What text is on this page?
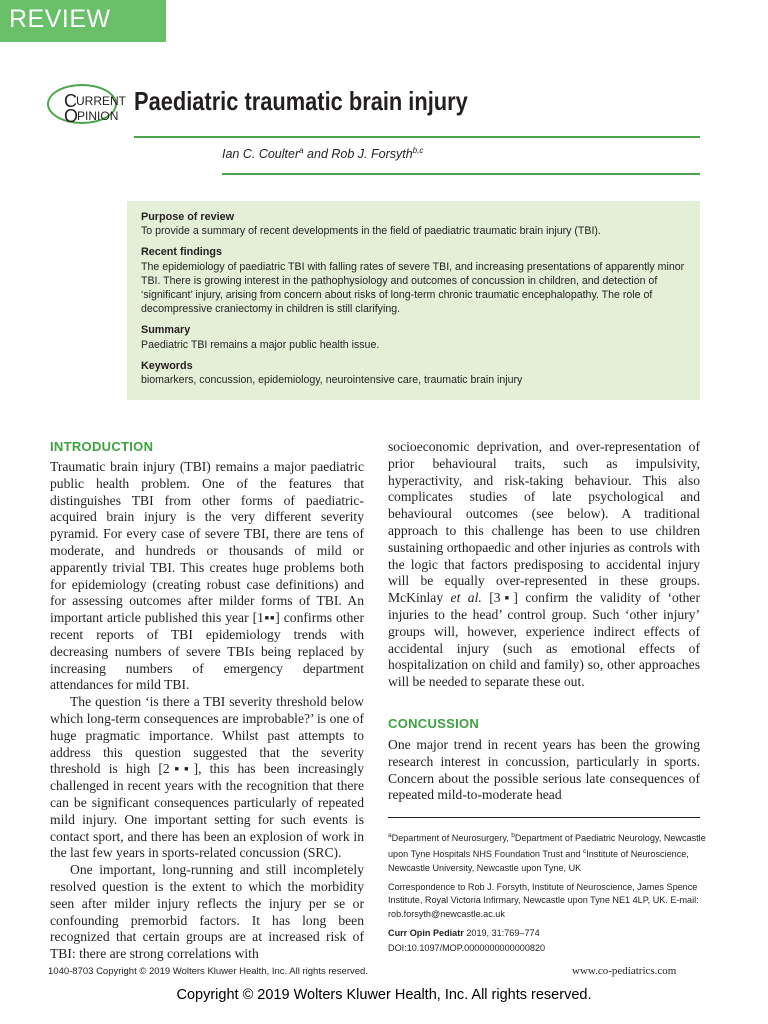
REVIEW
CURRENT
OPINION Paediatric traumatic brain injury
Ian C. Coulter$^a$ and Rob J. Forsyth$^{b,c}$
Purpose of review

To provide a summary of recent developments in the field of paediatric traumatic brain injury (TBI).

Recent findings

The epidemiology of paediatric TBI with falling rates of severe TBI, and increasing presentations of apparently minor TBI. There is growing interest in the pathophysiology and outcomes of concussion in children, and detection of ‘significant’ injury, arising from concern about risks of long-term chronic traumatic encephalopathy. The role of decompressive craniectomy in children is still clarifying.

Summary

Paediatric TBI remains a major public health issue.

Keywords

biomarkers, concussion, epidemiology, neurointensive care, traumatic brain injury

INTRODUCTION

Traumatic brain injury (TBI) remains a major paediatric public health problem. One of the features that distinguishes TBI from other forms of paediatric-acquired brain injury is the very different severity pyramid. For every case of severe TBI, there are tens of moderate, and hundreds or thousands of mild or apparently trivial TBI. This creates huge problems both for epidemiology (creating robust case definitions) and for assessing outcomes after milder forms of TBI. An important article published this year [1▪▪] confirms other recent reports of TBI epidemiology trends with decreasing numbers of severe TBIs being replaced by increasing numbers of emergency department attendances for mild TBI.

The question ‘is there a TBI severity threshold below which long-term consequences are improbable?’ is one of huge pragmatic importance. Whilst past attempts to address this question suggested that the severity threshold is high [2▪▪], this has been increasingly challenged in recent years with the recognition that there can be significant consequences particularly of repeated mild injury. One important setting for such events is contact sport, and there has been an explosion of work in the last few years in sports-related concussion (SRC).

One important, long-running and still incompletely resolved question is the extent to which the morbidity seen after milder injury reflects the injury per se or confounding premorbid factors. It has long been recognized that certain groups are at increased risk of TBI: there are strong correlations with

socioeconomic deprivation, and over-representation of prior behavioural traits, such as impulsivity, hyperactivity, and risk-taking behaviour. This also complicates studies of late psychological and behavioural outcomes (see below). A traditional approach to this challenge has been to use children sustaining orthopaedic and other injuries as controls with the logic that factors predisposing to accidental injury will be equally over-represented in these groups. McKinlay et al. [3▪] confirm the validity of ‘other injuries to the head’ control group. Such ‘other injury’ groups will, however, experience indirect effects of accidental injury (such as emotional effects of hospitalization on child and family) so, other approaches will be needed to separate these out.

CONCUSSION

One major trend in recent years has been the growing research interest in concussion, particularly in sports. Concern about the possible serious late consequences of repeated mild-to-moderate head

$^a$Department of Neurosurgery, $^b$Department of Paediatric Neurology, Newcastle upon Tyne Hospitals NHS Foundation Trust and $^c$Institute of Neuroscience, Newcastle University, Newcastle upon Tyne, UK

Correspondence to Rob J. Forsyth, Institute of Neuroscience, James Spence Institute, Royal Victoria Infirmary, Newcastle upon Tyne NE1 4LP, UK. E-mail: rob.forsyth@newcastle.ac.uk

Curr Opin Pediatr 2019, 31:769–774

DOI:10.1097/MOP.0000000000000820

1040-8703 Copyright © 2019 Wolters Kluwer Health, Inc. All rights reserved.	www.co-pediatrics.com
Copyright © 2019 Wolters Kluwer Health, Inc. All rights reserved.
